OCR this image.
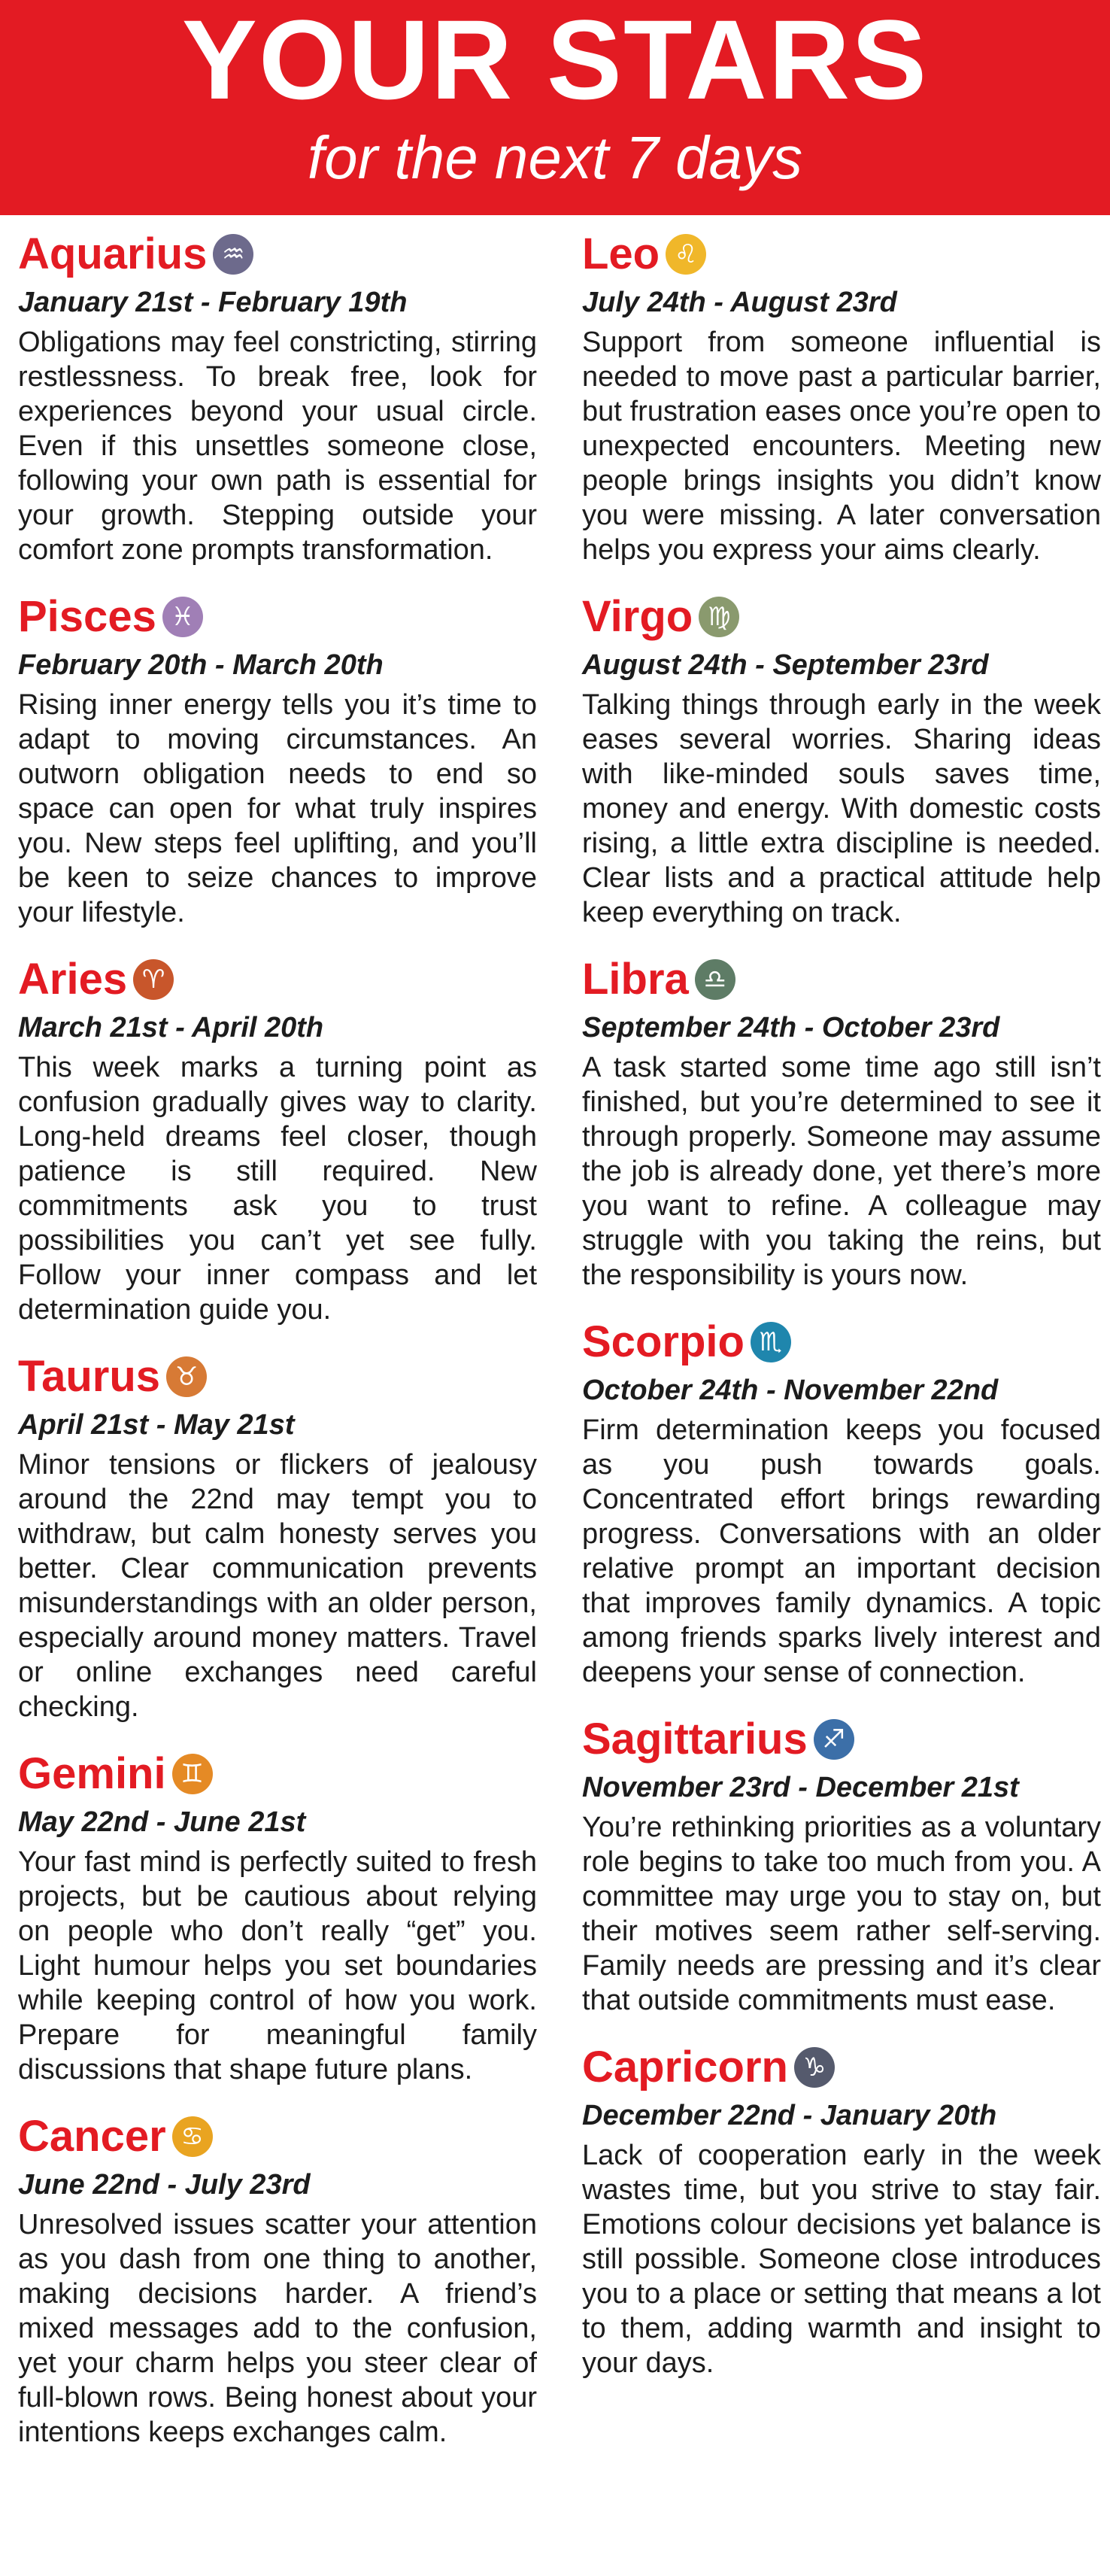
YOUR STARS
for the next 7 days
Aquarius ♒
January 21st - February 19th

Obligations may feel constricting, stirring restlessness. To break free, look for experiences beyond your usual circle. Even if this unsettles someone close, following your own path is essential for your growth. Stepping outside your comfort zone prompts transformation.

Pisces ♓
February 20th - March 20th

Rising inner energy tells you it’s time to adapt to moving circumstances. An outworn obligation needs to end so space can open for what truly inspires you. New steps feel uplifting, and you’ll be keen to seize chances to improve your lifestyle.

Aries ♈
March 21st - April 20th

This week marks a turning point as confusion gradually gives way to clarity. Long-held dreams feel closer, though patience is still required. New commitments ask you to trust possibilities you can’t yet see fully. Follow your inner compass and let determination guide you.

Taurus ♉
April 21st - May 21st

Minor tensions or flickers of jealousy around the 22nd may tempt you to withdraw, but calm honesty serves you better. Clear communication prevents misunderstandings with an older person, especially around money matters. Travel or online exchanges need careful checking.

Gemini ♊
May 22nd - June 21st

Your fast mind is perfectly suited to fresh projects, but be cautious about relying on people who don’t really “get” you. Light humour helps you set boundaries while keeping control of how you work. Prepare for meaningful family discussions that shape future plans.

Cancer ♋
June 22nd - July 23rd

Unresolved issues scatter your attention as you dash from one thing to another, making decisions harder. A friend’s mixed messages add to the confusion, yet your charm helps you steer clear of full-blown rows. Being honest about your intentions keeps exchanges calm.

Leo ♌
July 24th - August 23rd

Support from someone influential is needed to move past a particular barrier, but frustration eases once you’re open to unexpected encounters. Meeting new people brings insights you didn’t know you were missing. A later conversation helps you express your aims clearly.

Virgo ♍
August 24th - September 23rd

Talking things through early in the week eases several worries. Sharing ideas with like-minded souls saves time, money and energy. With domestic costs rising, a little extra discipline is needed. Clear lists and a practical attitude help keep everything on track.

Libra ♎
September 24th - October 23rd

A task started some time ago still isn’t finished, but you’re determined to see it through properly. Someone may assume the job is already done, yet there’s more you want to refine. A colleague may struggle with you taking the reins, but the responsibility is yours now.

Scorpio ♏
October 24th - November 22nd

Firm determination keeps you focused as you push towards goals. Concentrated effort brings rewarding progress. Conversations with an older relative prompt an important decision that improves family dynamics. A topic among friends sparks lively interest and deepens your sense of connection.

Sagittarius ♐
November 23rd - December 21st

You’re rethinking priorities as a voluntary role begins to take too much from you. A committee may urge you to stay on, but their motives seem rather self-serving. Family needs are pressing and it’s clear that outside commitments must ease.

Capricorn ♑
December 22nd - January 20th

Lack of cooperation early in the week wastes time, but you strive to stay fair. Emotions colour decisions yet balance is still possible. Someone close introduces you to a place or setting that means a lot to them, adding warmth and insight to your days.
